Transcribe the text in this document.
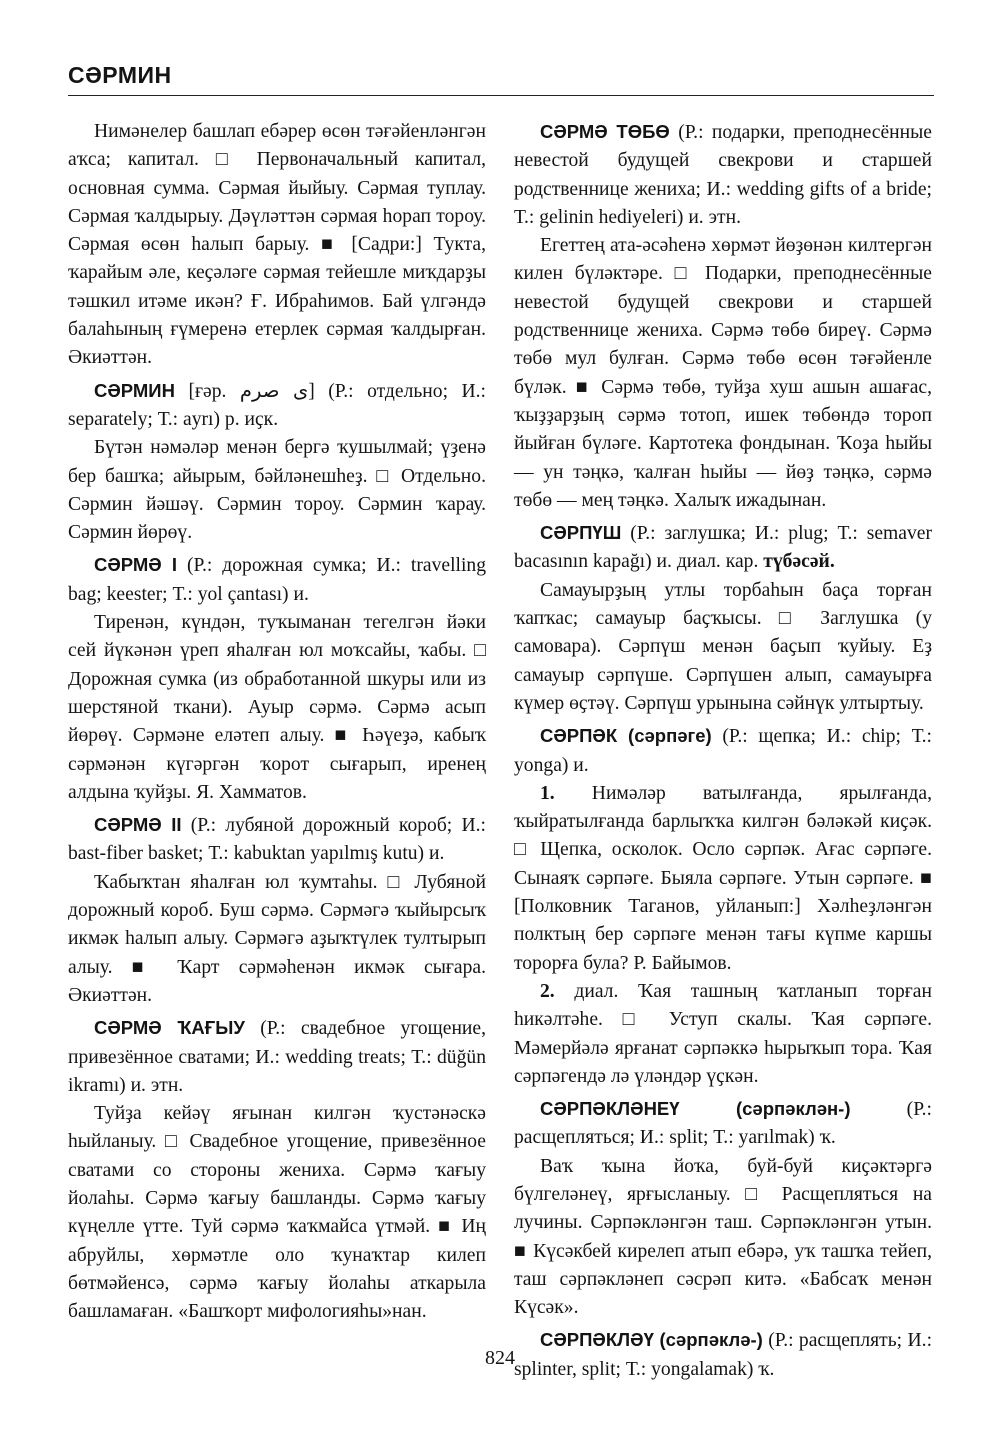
СӘРМИН

Нимәнелер башлап ебәрер өсөн тәғәйенләнгән аҡса; капитал. □ Первоначальный капитал, основная сумма. Сәрмая йыйыу. Сәрмая туплау. Сәрмая ҡалдырыу. Дәүләттән сәрмая һорап тороу. Сәрмая өсөн һалып барыу. ■ [Садри:] Тукта, ҡарайым әле, кеҫәләге сәрмая тейешле миҡдарҙы тәшкил итәме икән? Ғ. Ибраһимов. Бай үлгәндә балаһының ғүмеренә етерлек сәрмая ҡалдырған. Әкиәттән.

СӘРМИН [ғәр. ی صرم] (Р.: отдельно; И.: separately; Т.: aуrı) р. иҫк.

Бүтән нәмәләр менән бергә ҡушылмай; үҙенә бер башҡа; айырым, бәйләнешһеҙ. □ Отдельно. Сәрмин йәшәү. Сәрмин тороу. Сәрмин ҡарау. Сәрмин йөрөү.

СӘРМӘ I (Р.: дорожная сумка; И.: travelling bag; keester; Т.: yol çantası) и.

Тиренән, күндән, туҡыманан тегелгән йәки сей йүкәнән үреп яһалған юл моҡсайы, ҡабы. □ Дорожная сумка (из обработанной шкуры или из шерстяной ткани). Ауыр сәрмә. Сәрмә асып йөрөү. Сәрмәне еләтеп алыу. ■ Һәүеҙә, кабыҡ сәрмәнән күгәргән ҡорот сығарып, иренең алдына ҡуйҙы. Я. Хамматов.

СӘРМӘ II (Р.: лубяной дорожный короб; И.: bast-fiber basket; Т.: kabuktan yapılmış kutu) и.

Ҡабыҡтан яһалған юл ҡумтаһы. □ Лубяной дорожный короб. Буш сәрмә. Сәрмәгә ҡыйырсыҡ икмәк һалып алыу. Сәрмәгә аҙыҡтүлек тултырып алыу. ■ Ҡарт сәрмәһенән икмәк сығара. Әкиәттән.

СӘРМӘ ҠАҒЫУ (Р.: свадебное угощение, привезённое сватами; И.: wedding treats; Т.: düğün ikramı) и. этн.

Туйҙа кейәү яғынан килгән ҡустәнәскә һыйланыу. □ Свадебное угощение, привезённое сватами со стороны жениха. Сәрмә ҡағыу йолаһы. Сәрмә ҡағыу башланды. Сәрмә ҡағыу күңелле үтте. Туй сәрмә ҡаҡмайса үтмәй. ■ Иң абруйлы, хөрмәтле оло ҡунаҡтар килеп бөтмәйенсә, сәрмә ҡағыу йолаһы аткарыла башламаған. «Башҡорт мифологияһы»нан.

СӘРМӘ ТӨБӨ (Р.: подарки, преподнесённые невестой будущей свекрови и старшей родственнице жениха; И.: wedding gifts of a bride; Т.: gelinin hediyeleri) и. этн.

Егеттең ата-әсәһенә хөрмәт йөҙөнән килтергән килен бүләктәре. □ Подарки, преподнесённые невестой будущей свекрови и старшей родственнице жениха. Сәрмә төбө биреү. Сәрмә төбө мул булған. Сәрмә төбө өсөн тәғәйенле бүләк. ■ Сәрмә төбө, туйҙа хуш ашын ашағас, ҡыҙҙарҙың сәрмә тотоп, ишек төбөндә тороп йыйған бүләге. Картотека фондынан. Ҡоҙа һыйы — ун тәңкә, ҡалған һыйы — йөҙ тәңкә, сәрмә төбө — мең тәңкә. Халыҡ ижадынан.

СӘРПҮШ (Р.: заглушка; И.: plug; Т.: semaver bacasının kapağı) и. диал. кар. түбәсәй.

Самауырҙың утлы торбаһын баҫа торған ҡапҡас; самауыр баҫҡысы. □ Заглушка (у самовара). Сәрпүш менән баҫып ҡуйыу. Еҙ самауыр сәрпүше. Сәрпүшен алып, самауырға күмер өҫтәү. Сәрпүш урынына сәйнүк ултыртыу.

СӘРПӘК (сәрпәге) (Р.: щепка; И.: chip; Т.: yonga) и.

1. Нимәләр ватылғанда, ярылғанда, ҡыйратылғанда барлыҡҡа килгән бәләкәй киҫәк. □ Щепка, осколок. Осло сәрпәк. Ағас сәрпәге. Сынаяҡ сәрпәге. Быяла сәрпәге. Утын сәрпәге. ■ [Полковник Таганов, уйланып:] Хәлһеҙләнгән полктың бер сәрпәге менән тағы күпме каршы торорға була? Р. Байымов.

2. диал. Ҡая ташның ҡатланып торған һикәлтәһе. □ Уступ скалы. Ҡая сәрпәге. Мәмерйәлә ярғанат сәрпәккә һырыҡып тора. Ҡая сәрпәгендә лә үләндәр үҫкән.

СӘРПӘКЛӘНЕҮ (сәрпәклән-)	(Р.: расщепляться; И.: split; Т.: yarılmak) ҡ.

Ваҡ ҡына йоҡа, буй-буй киҫәктәргә бүлгеләнеү, ярғысланыу. □ Расщепляться на лучины. Сәрпәкләнгән таш. Сәрпәкләнгән утын. ■ Күсәкбей кирелеп атып ебәрә, уҡ ташҡа тейеп, таш сәрпәкләнеп сәсрәп китә. «Бабсаҡ менән Күсәк».

СӘРПӘКЛӘҮ (сәрпәклә-) (Р.: расщеплять; И.: splinter, split; Т.: yongalamak) ҡ.

824
